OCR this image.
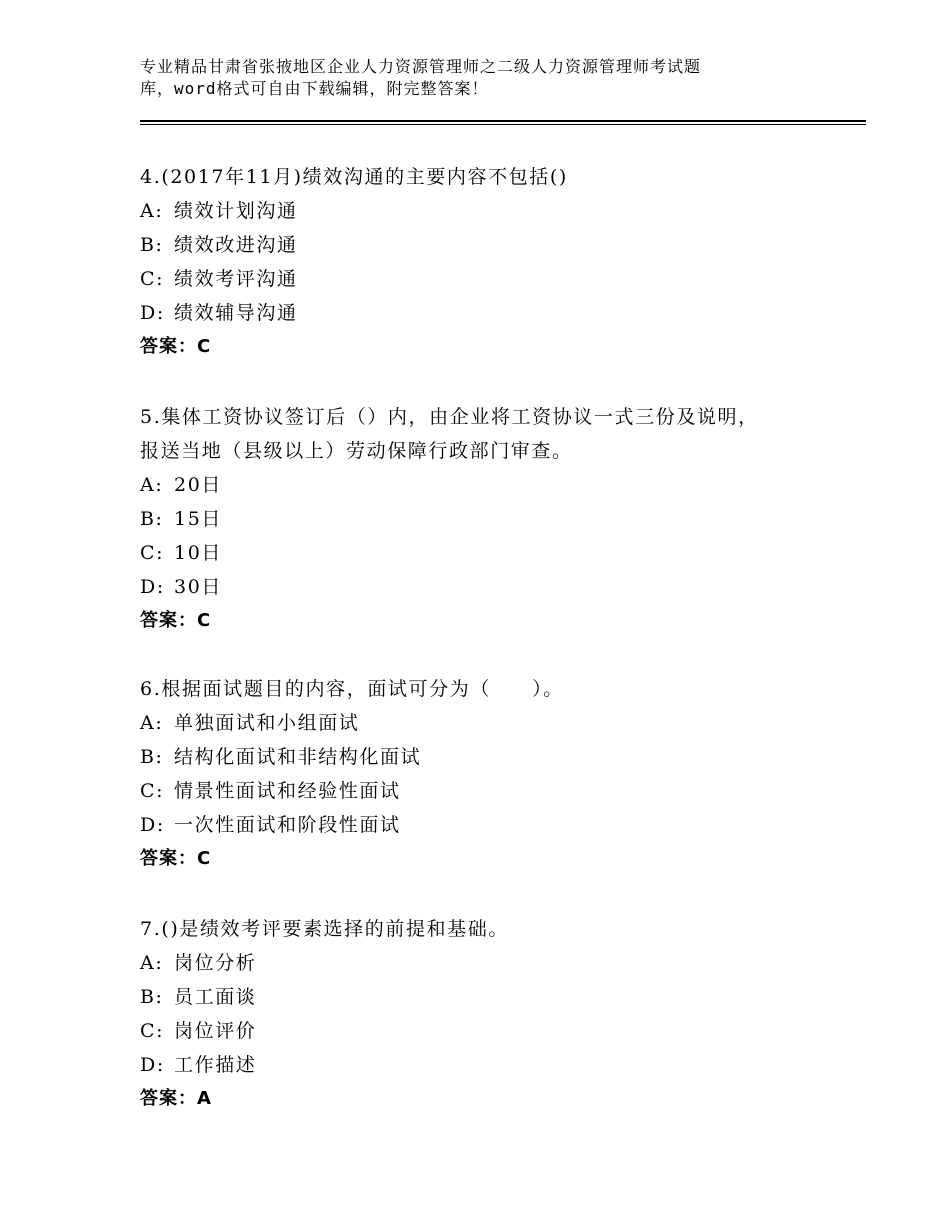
专业精品甘肃省张掖地区企业人力资源管理师之二级人力资源管理师考试题
库，word格式可自由下载编辑，附完整答案！
4.(2017年11月)绩效沟通的主要内容不包括()
A: 绩效计划沟通
B: 绩效改进沟通
C: 绩效考评沟通
D: 绩效辅导沟通
答案：C
5.集体工资协议签订后（）内，由企业将工资协议一式三份及说明，
报送当地（县级以上）劳动保障行政部门审查。
A: 20日
B: 15日
C: 10日
D: 30日
答案：C
6.根据面试题目的内容，面试可分为（　　）。
A: 单独面试和小组面试
B: 结构化面试和非结构化面试
C: 情景性面试和经验性面试
D: 一次性面试和阶段性面试
答案：C
7.()是绩效考评要素选择的前提和基础。
A: 岗位分析
B: 员工面谈
C: 岗位评价
D: 工作描述
答案：A
